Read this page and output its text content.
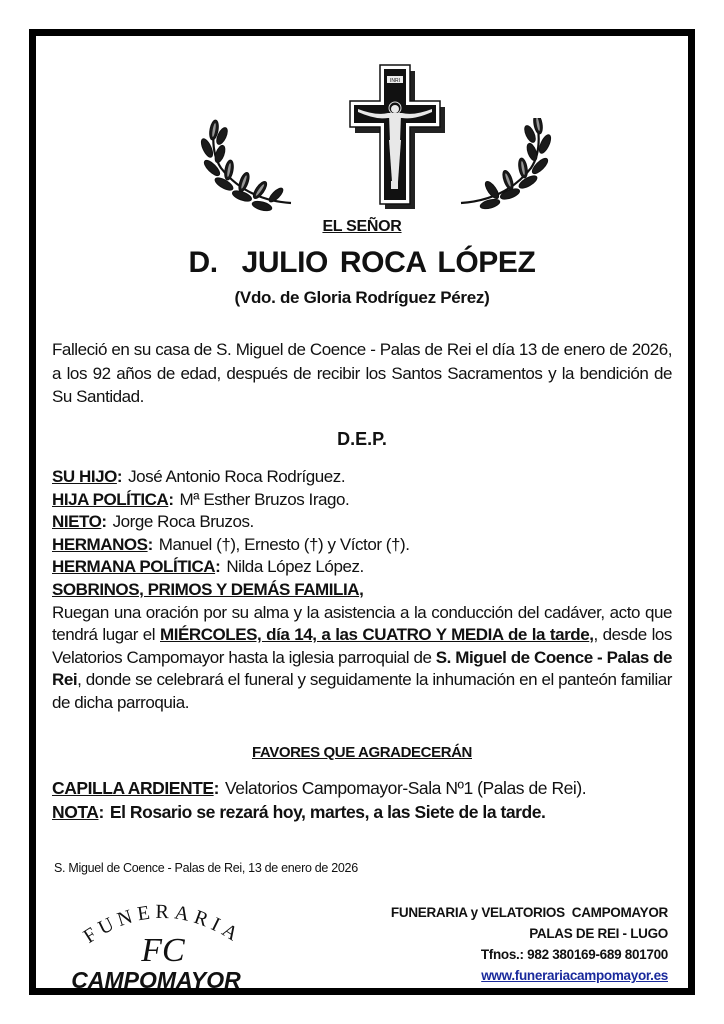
INRI
EL SEÑOR
D.  JULIO ROCA LÓPEZ
(Vdo. de Gloria Rodríguez Pérez)
Falleció en su casa de S. Miguel de Coence - Palas de Rei el día 13 de enero de 2026, a los 92 años de edad, después de recibir los Santos Sacramentos y la bendición de Su Santidad.
D.E.P.
SU HIJO: José Antonio Roca Rodríguez.
HIJA POLÍTICA: Mª Esther Bruzos Irago.
NIETO: Jorge Roca Bruzos.
HERMANOS: Manuel (†), Ernesto (†) y Víctor (†).
HERMANA POLÍTICA: Nilda López López.
SOBRINOS, PRIMOS Y DEMÁS FAMILIA,
Ruegan una oración por su alma y la asistencia a la conducción del cadáver, acto que tendrá lugar el MIÉRCOLES, día 14, a las CUATRO Y MEDIA de la tarde,, desde los Velatorios Campomayor hasta la iglesia parroquial de S. Miguel de Coence - Palas de Rei, donde se celebrará el funeral y seguidamente la inhumación en el panteón familiar de dicha parroquia.
FAVORES QUE AGRADECERÁN
CAPILLA ARDIENTE: Velatorios Campomayor-Sala Nº1 (Palas de Rei).
NOTA: El Rosario se rezará hoy, martes, a las Siete de la tarde.
S. Miguel de Coence - Palas de Rei, 13 de enero de 2026
FUNERARIA
FC
CAMPOMAYOR
FUNERARIA y VELATORIOS  CAMPOMAYOR
PALAS DE REI - LUGO
Tfnos.: 982 380169-689 801700
www.funerariacampomayor.es
